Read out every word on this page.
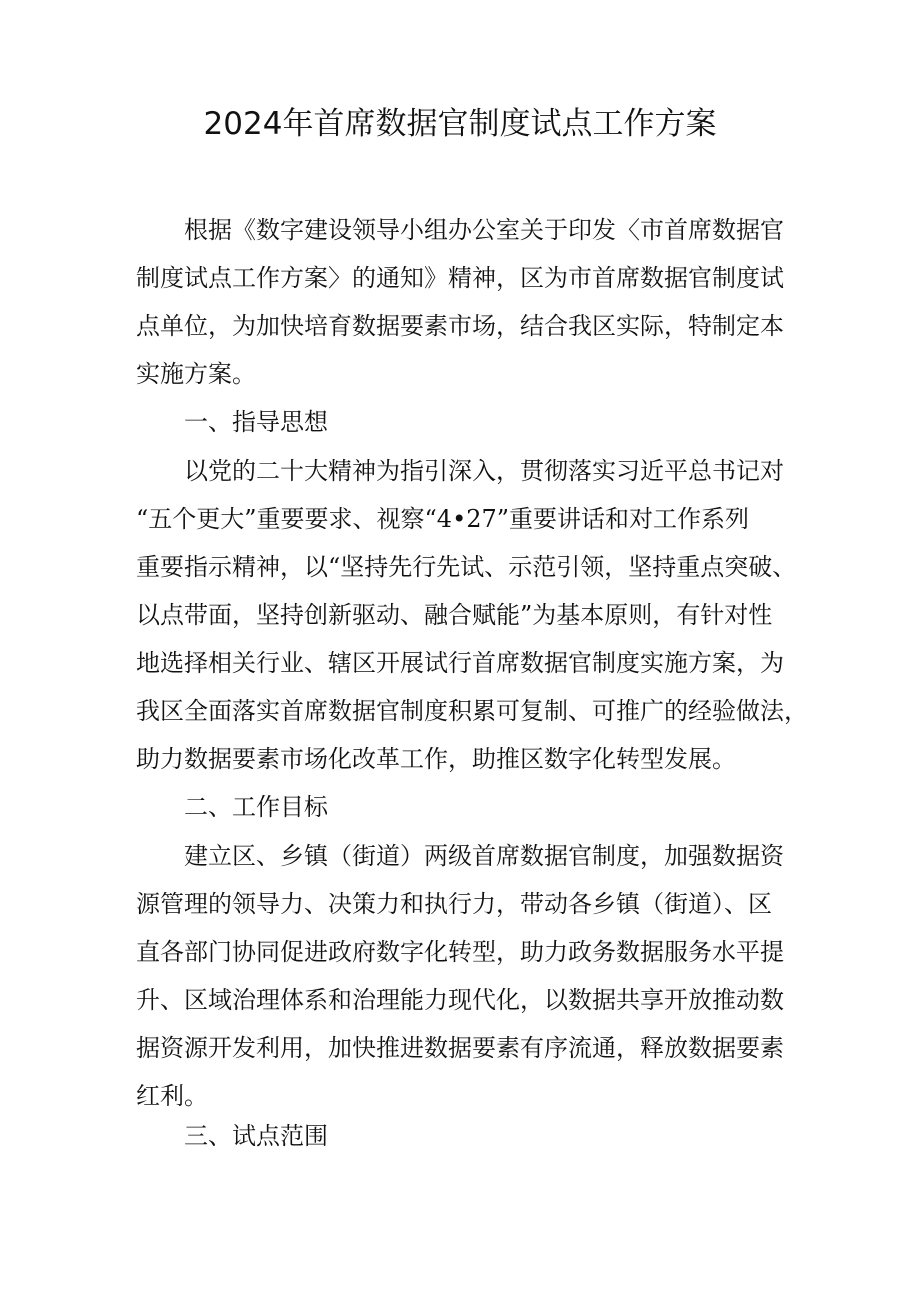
2024年首席数据官制度试点工作方案
根据《数字建设领导小组办公室关于印发〈市首席数据官
制度试点工作方案〉的通知》精神，区为市首席数据官制度试
点单位，为加快培育数据要素市场，结合我区实际，特制定本
实施方案。
一、指导思想
以党的二十大精神为指引深入，贯彻落实习近平总书记对
“五个更大”重要要求、视察“4•27”重要讲话和对工作系列
重要指示精神，以“坚持先行先试、示范引领，坚持重点突破、
以点带面，坚持创新驱动、融合赋能”为基本原则，有针对性
地选择相关行业、辖区开展试行首席数据官制度实施方案，为
我区全面落实首席数据官制度积累可复制、可推广的经验做法，
助力数据要素市场化改革工作，助推区数字化转型发展。
二、工作目标
建立区、乡镇（街道）两级首席数据官制度，加强数据资
源管理的领导力、决策力和执行力，带动各乡镇（街道）、区
直各部门协同促进政府数字化转型，助力政务数据服务水平提
升、区域治理体系和治理能力现代化，以数据共享开放推动数
据资源开发利用，加快推进数据要素有序流通，释放数据要素
红利。
三、试点范围
